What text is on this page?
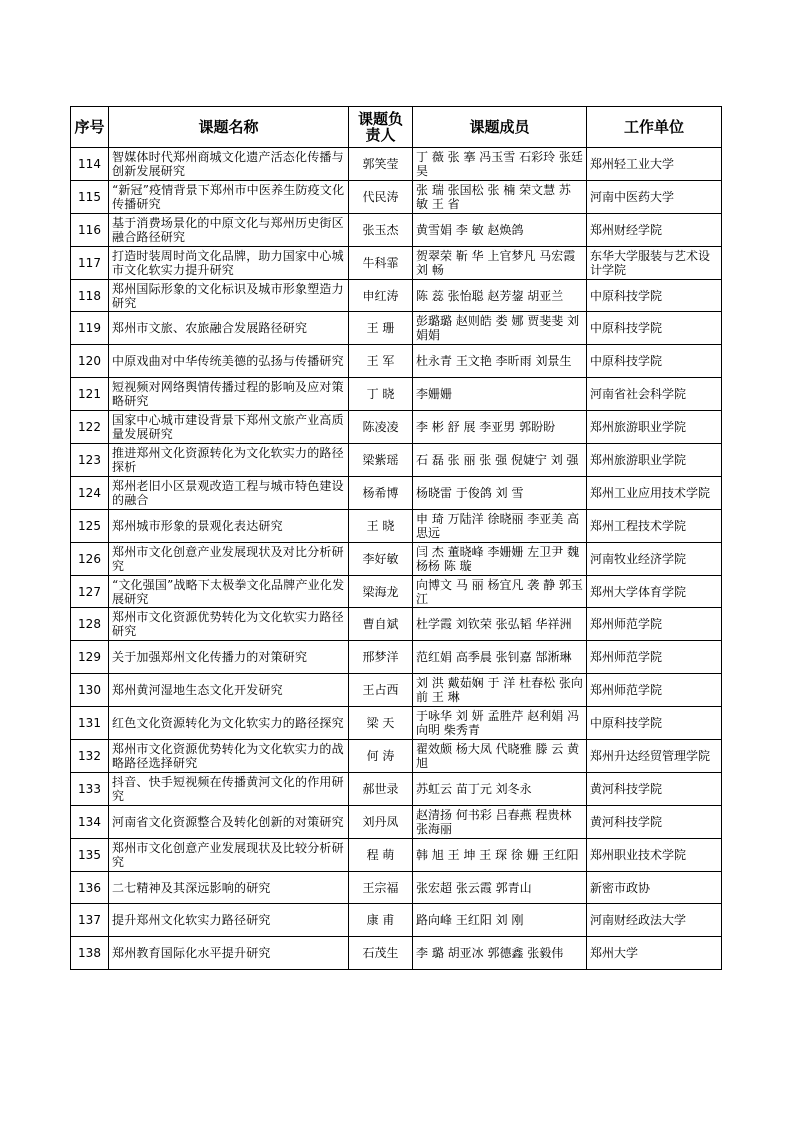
序号	课题名称	课题负责人	课题成员	工作单位
114	智媒体时代郑州商城文化遗产活态化传播与创新发展研究	郭笑莹	丁 薇 张 搴 冯玉雪 石彩玲 张廷昊	郑州轻工业大学
115	“新冠”疫情背景下郑州市中医养生防疫文化传播研究	代民涛	张 瑞 张国松 张 楠 荣文慧 苏 敏 王 省	河南中医药大学
116	基于消费场景化的中原文化与郑州历史街区融合路径研究	张玉杰	黄雪娟 李 敏 赵焕鸽	郑州财经学院
117	打造时装周时尚文化品牌，助力国家中心城市文化软实力提升研究	牛科霏	贺翠荣 靳 华 上官梦凡 马宏霞 刘 畅	东华大学服装与艺术设计学院
118	郑州国际形象的文化标识及城市形象塑造力研究	申红涛	陈 蕊 张怡聪 赵芳鋆 胡亚兰	中原科技学院
119	郑州市文旅、农旅融合发展路径研究	王 珊	彭璐璐 赵则皓 娄 娜 贾斐斐 刘娟娟	中原科技学院
120	中原戏曲对中华传统美德的弘扬与传播研究	王 军	杜永青 王文艳 李昕雨 刘景生	中原科技学院
121	短视频对网络舆情传播过程的影响及应对策略研究	丁 晓	李姗姗	河南省社会科学院
122	国家中心城市建设背景下郑州文旅产业高质量发展研究	陈凌凌	李 彬 舒 展 李亚男 郭盼盼	郑州旅游职业学院
123	推进郑州文化资源转化为文化软实力的路径探析	梁紫瑶	石 磊 张 丽 张 强 倪婕宁 刘 强	郑州旅游职业学院
124	郑州老旧小区景观改造工程与城市特色建设的融合	杨希博	杨晓雷 于俊鸽 刘 雪	郑州工业应用技术学院
125	郑州城市形象的景观化表达研究	王 晓	申 琦 万陆洋 徐晓丽 李亚美 高思远	郑州工程技术学院
126	郑州市文化创意产业发展现状及对比分析研究	李好敏	闫 杰 董晓峰 李姗姗 左卫尹 魏杨杨 陈 璇	河南牧业经济学院
127	“文化强国”战略下太极拳文化品牌产业化发展研究	梁海龙	向博文 马 丽 杨宜凡 袭 静 郭玉江	郑州大学体育学院
128	郑州市文化资源优势转化为文化软实力路径研究	曹自斌	杜学霞 刘钦荣 张弘韬 华祥洲	郑州师范学院
129	关于加强郑州文化传播力的对策研究	邢梦洋	范红娟 高季晨 张钊嘉 郜淅琳	郑州师范学院
130	郑州黄河湿地生态文化开发研究	王占西	刘 洪 戴茹娴 于 洋 杜春松 张向前 王 琳	郑州师范学院
131	红色文化资源转化为文化软实力的路径探究	梁 天	于咏华 刘 妍 孟胜芹 赵利娟 冯向明 柴秀青	中原科技学院
132	郑州市文化资源优势转化为文化软实力的战略路径选择研究	何 涛	翟效颇 杨大凤 代晓雅 滕 云 黄 旭	郑州升达经贸管理学院
133	抖音、快手短视频在传播黄河文化的作用研究	郝世录	苏虹云 苗丁元 刘冬永	黄河科技学院
134	河南省文化资源整合及转化创新的对策研究	刘丹凤	赵清扬 何书彩 吕春燕 程贵林 张海丽	黄河科技学院
135	郑州市文化创意产业发展现状及比较分析研究	程 萌	韩 旭 王 坤 王 琛 徐 姗 王红阳	郑州职业技术学院
136	二七精神及其深远影响的研究	王宗福	张宏超 张云霞 郭青山	新密市政协
137	提升郑州文化软实力路径研究	康 甫	路向峰 王红阳 刘 刚	河南财经政法大学
138	郑州教育国际化水平提升研究	石茂生	李 璐 胡亚冰 郭德鑫 张毅伟	郑州大学
